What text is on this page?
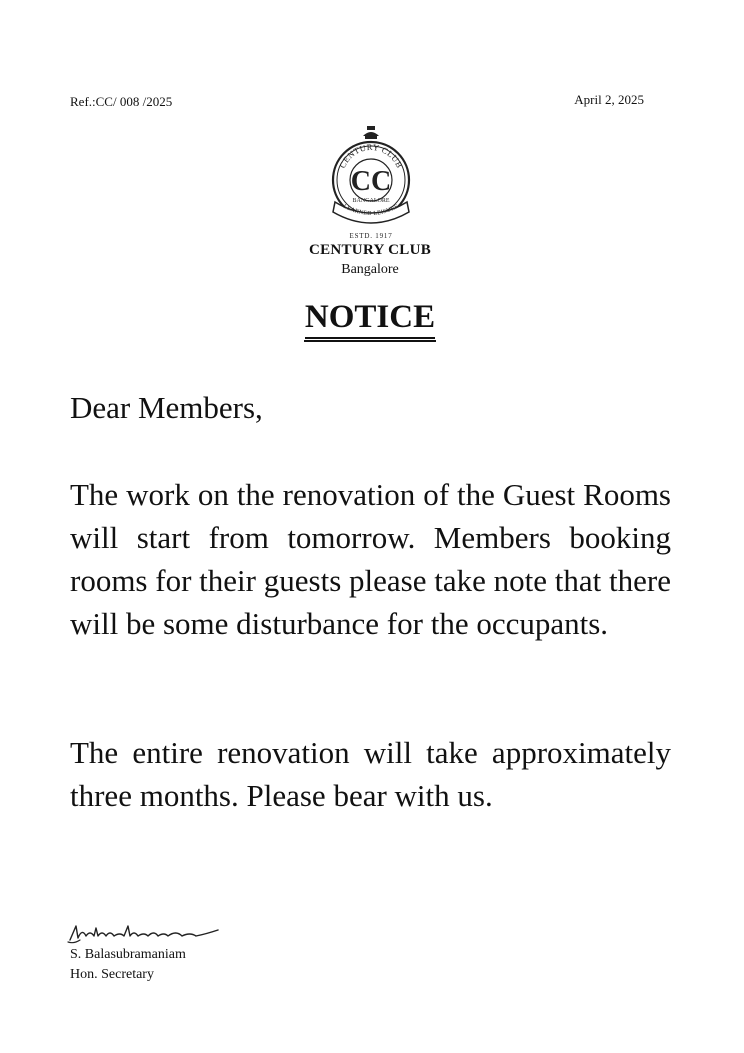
Ref.:CC/ 008 /2025	April 2, 2025
CENTURY CLUB
CC
LEARNED LEISURE
BANGALORE
ESTD. 1917
CENTURY CLUB
Bangalore
NOTICE
Dear Members,
The work on the renovation of the Guest Rooms will start from tomorrow. Members booking rooms for their guests please take note that there will be some disturbance for the occupants.
The entire renovation will take approximately three months. Please bear with us.
S. Balasubramaniam
Hon. Secretary
